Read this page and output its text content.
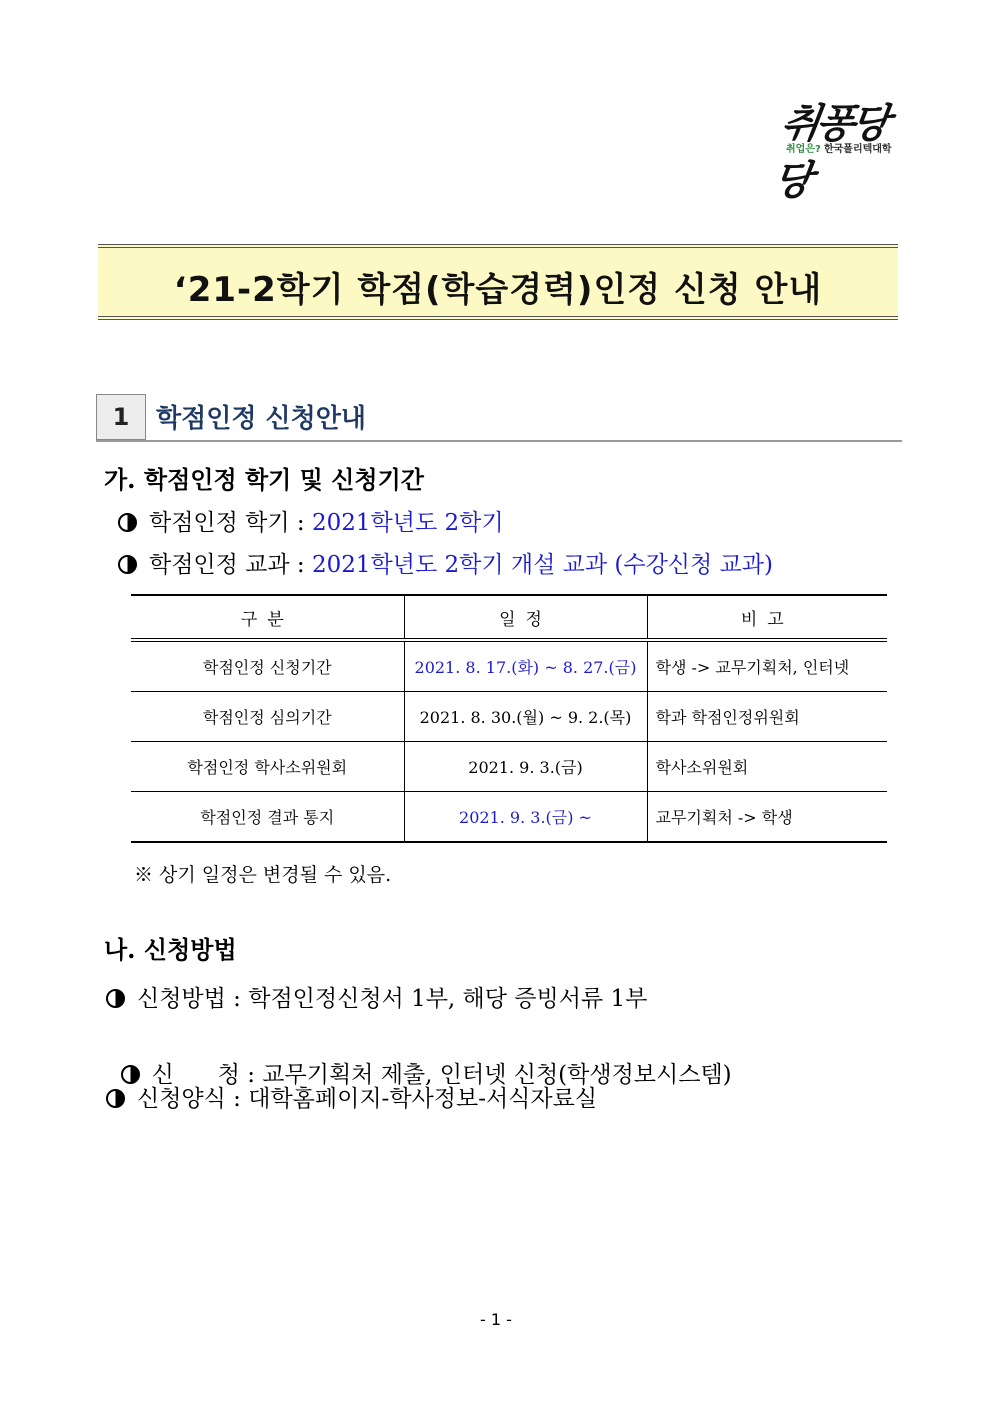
취퐁당당
취업은? 한국폴리텍대학
‘21-2학기 학점(학습경력)인정 신청 안내
1	학점인정 신청안내
가. 학점인정 학기 및 신청기간
학점인정 학기 : 2021학년도 2학기
학점인정 교과 : 2021학년도 2학기 개설 교과 (수강신청 교과)
구분	일정	비고
학점인정 신청기간	2021. 8. 17.(화) ~ 8. 27.(금)	학생 -> 교무기획처, 인터넷
학점인정 심의기간	2021. 8. 30.(월) ~ 9. 2.(목)	학과 학점인정위원회
학점인정 학사소위원회	2021. 9. 3.(금)	학사소위원회
학점인정 결과 통지	2021. 9. 3.(금) ~	교무기획처 -> 학생
※ 상기 일정은 변경될 수 있음.
나. 신청방법
신청방법 : 학점인정신청서 1부, 해당 증빙서류 1부

신      청 : 교무기획처 제출, 인터넷 신청(학생정보시스템)

신청양식 : 대학홈페이지-학사정보-서식자료실
- 1 -
